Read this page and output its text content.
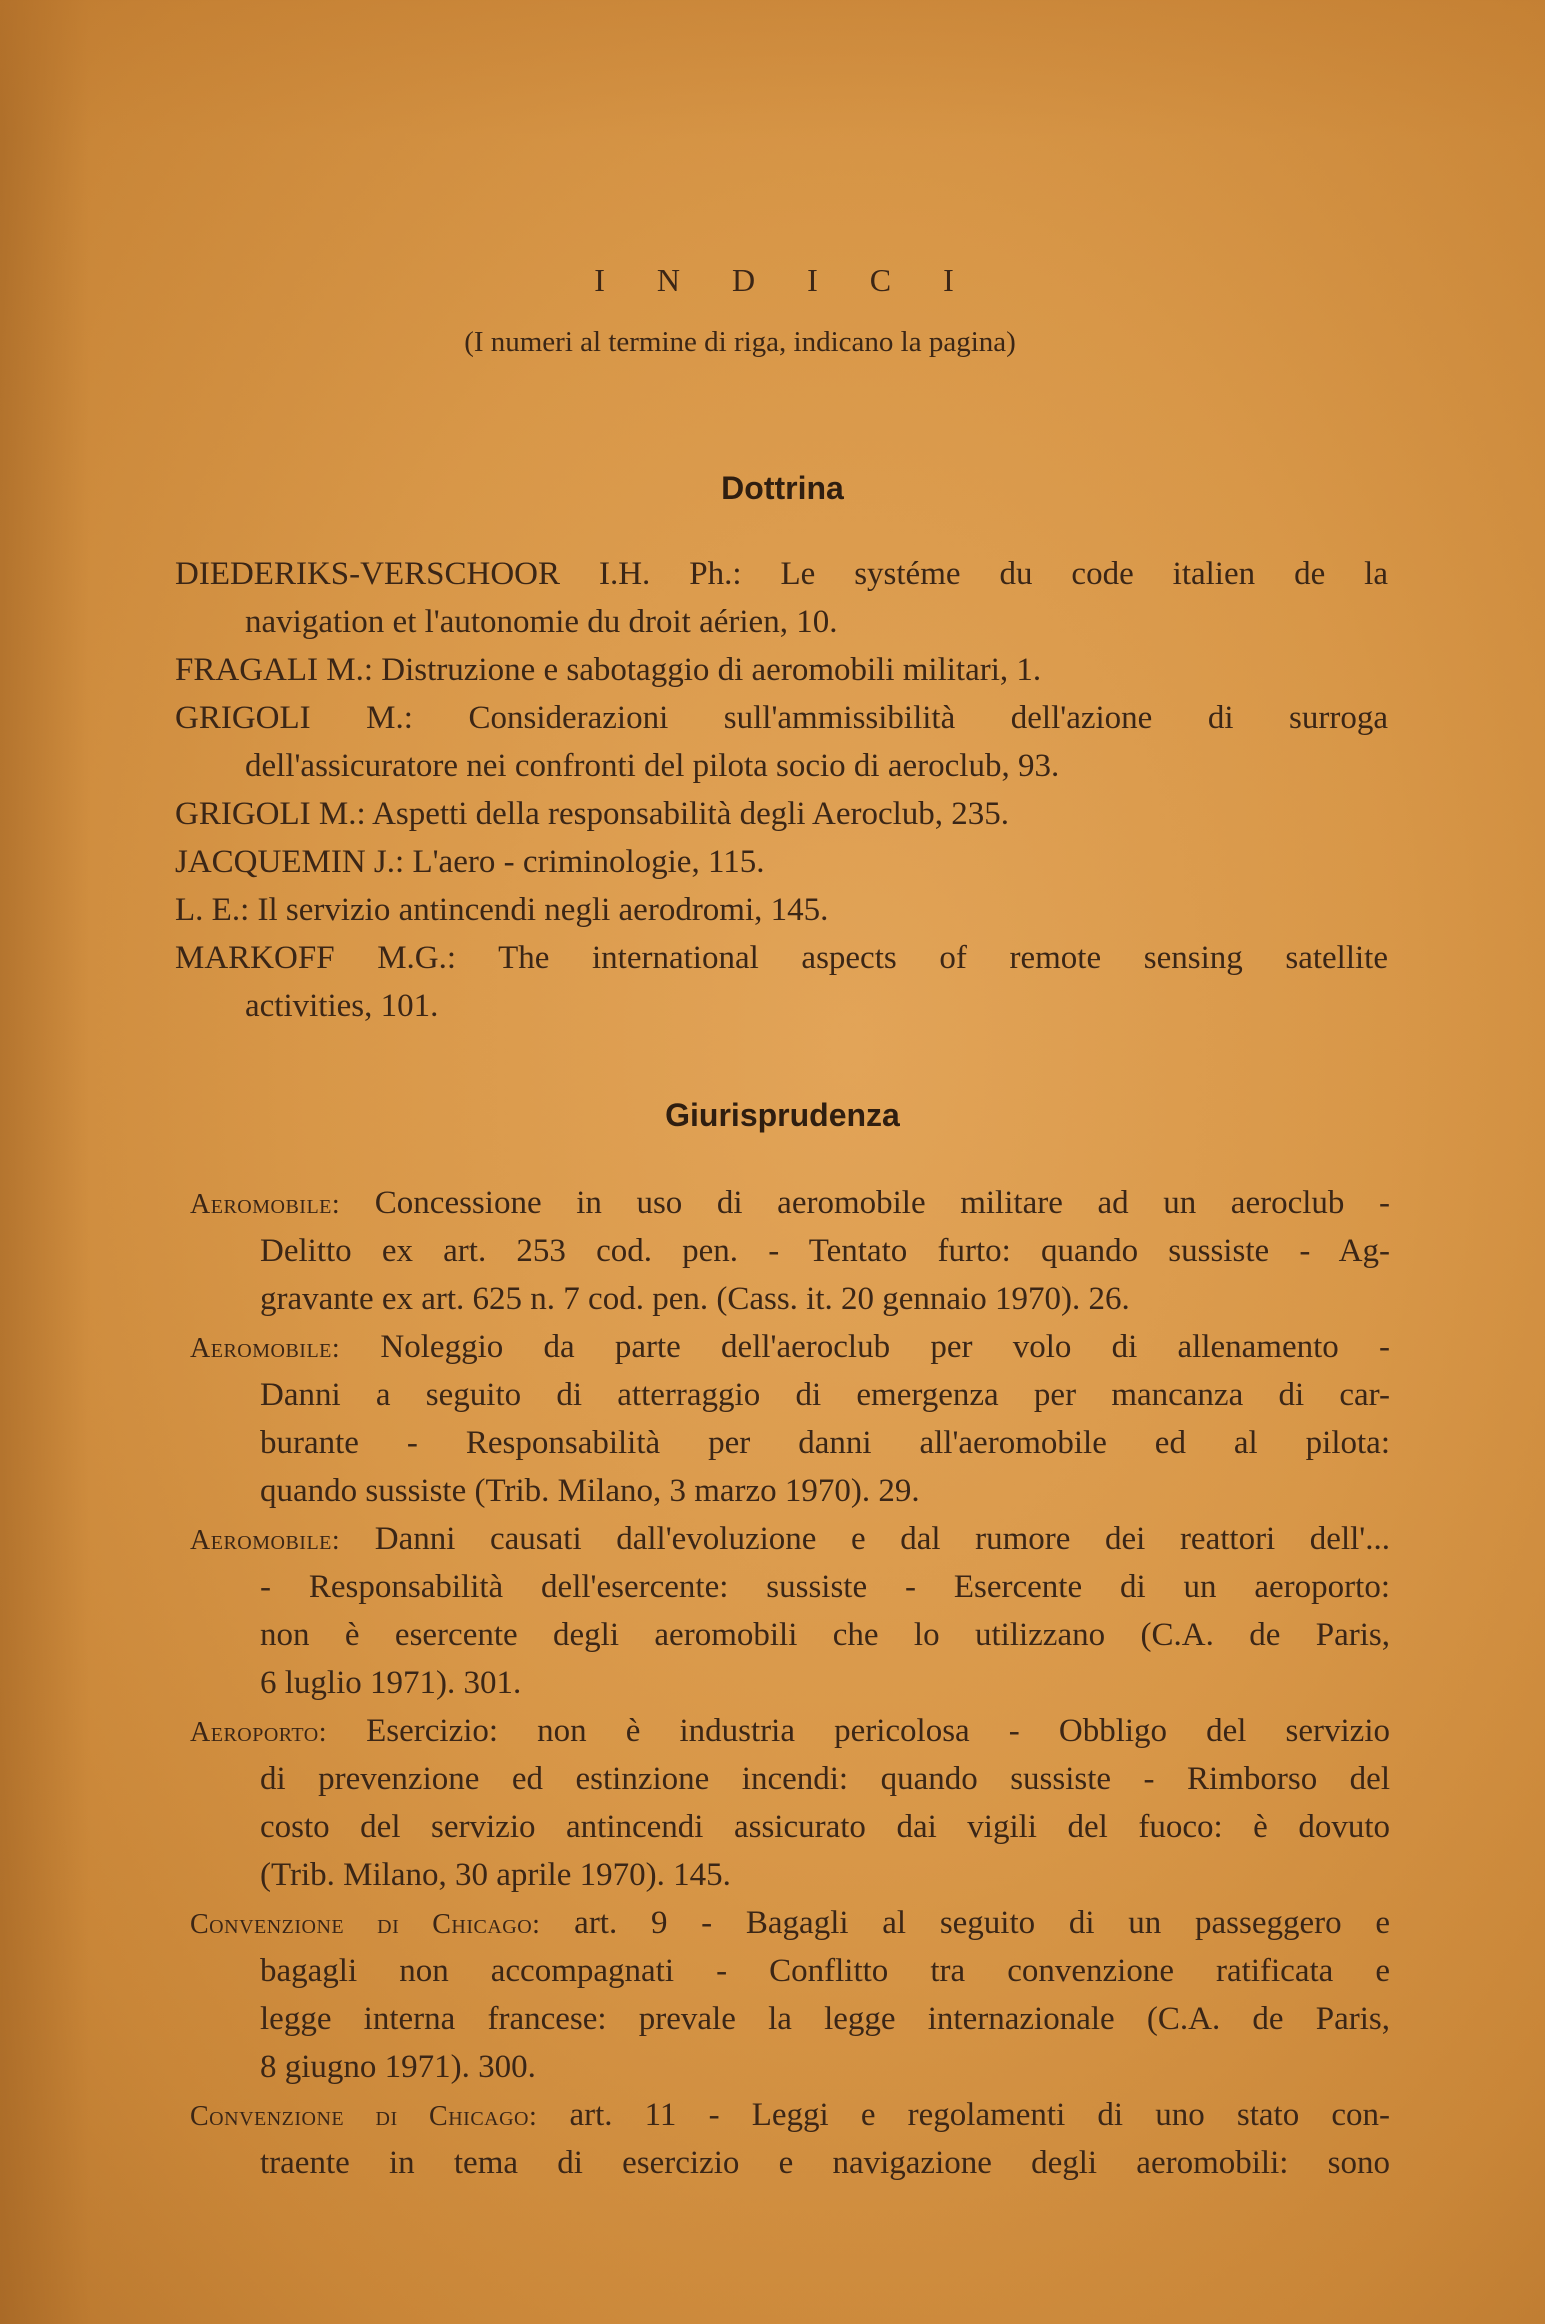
I N D I C I
(I numeri al termine di riga, indicano la pagina)
Dottrina
DIEDERIKS-VERSCHOOR I.H. Ph.: Le systéme du code italien de la
navigation et l'autonomie du droit aérien, 10.
FRAGALI M.: Distruzione e sabotaggio di aeromobili militari, 1.
GRIGOLI M.: Considerazioni sull'ammissibilità dell'azione di surroga
dell'assicuratore nei confronti del pilota socio di aeroclub, 93.
GRIGOLI M.: Aspetti della responsabilità degli Aeroclub, 235.
JACQUEMIN J.: L'aero - criminologie, 115.
L. E.: Il servizio antincendi negli aerodromi, 145.
MARKOFF M.G.: The international aspects of remote sensing satellite
activities, 101.
Giurisprudenza
Aeromobile: Concessione in uso di aeromobile militare ad un aeroclub -
Delitto ex art. 253 cod. pen. - Tentato furto: quando sussiste - Ag-
gravante ex art. 625 n. 7 cod. pen. (Cass. it. 20 gennaio 1970). 26.
Aeromobile: Noleggio da parte dell'aeroclub per volo di allenamento -
Danni a seguito di atterraggio di emergenza per mancanza di car-
burante - Responsabilità per danni all'aeromobile ed al pilota:
quando sussiste (Trib. Milano, 3 marzo 1970). 29.
Aeromobile: Danni causati dall'evoluzione e dal rumore dei reattori dell'...
- Responsabilità dell'esercente: sussiste - Esercente di un aeroporto:
non è esercente degli aeromobili che lo utilizzano (C.A. de Paris,
6 luglio 1971). 301.
Aeroporto: Esercizio: non è industria pericolosa - Obbligo del servizio
di prevenzione ed estinzione incendi: quando sussiste - Rimborso del
costo del servizio antincendi assicurato dai vigili del fuoco: è dovuto
(Trib. Milano, 30 aprile 1970). 145.
Convenzione di Chicago: art. 9 - Bagagli al seguito di un passeggero e
bagagli non accompagnati - Conflitto tra convenzione ratificata e
legge interna francese: prevale la legge internazionale (C.A. de Paris,
8 giugno 1971). 300.
Convenzione di Chicago: art. 11 - Leggi e regolamenti di uno stato con-
traente in tema di esercizio e navigazione degli aeromobili: sono
